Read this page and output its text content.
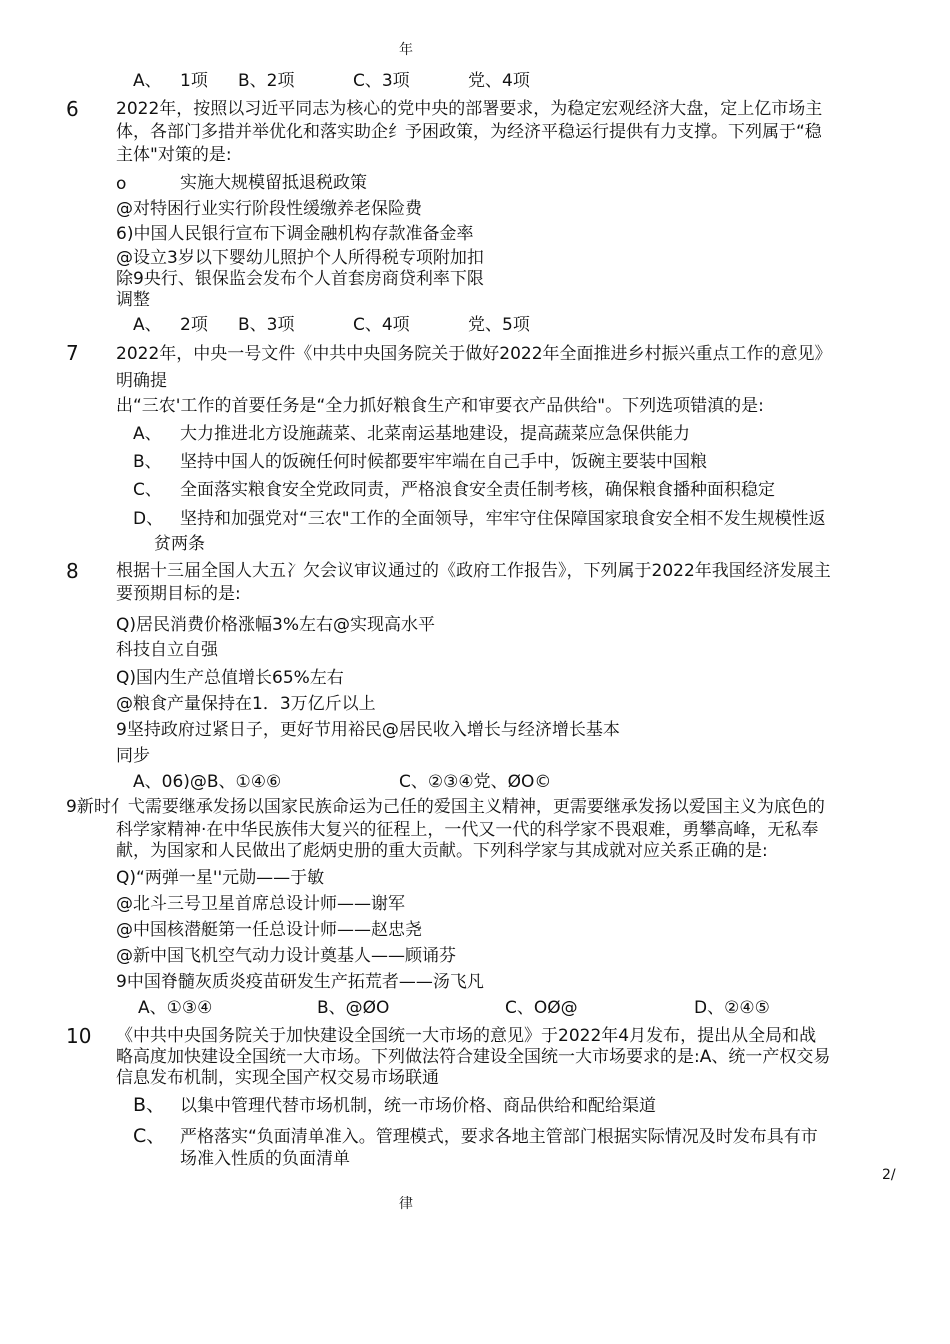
年
A、 1项 B、2项	C、3项	党、4项
6 2022年，按照以习近平同志为核心的党中央的部署要求，为稳定宏观经济大盘，定上亿市场主
体，各部门多措并举优化和落实助企纟予困政策，为经济平稳运行提供有力支撑。下列属于“稳
主体"对策的是:
o	实施大规模留抵退税政策
@对特困行业实行阶段性缓缴养老保险费
6)中国人民银行宣布下调金融机构存款准备金率
@设立3岁以下婴幼儿照护个人所得税专项附加扣
除9央行、银保监会发布个人首套房商贷利率下限
调整
A、 2项 B、3项	C、4项	党、5项
7 2022年，中央一号文件《中共中央国务院关于做好2022年全面推进乡村振兴重点工作的意见》
明确提
出“三农'工作的首要任务是“全力抓好粮食生产和审要衣产品供给"。下列选项错滇的是:
A、 大力推进北方设施蔬菜、北菜南运基地建设，提高蔬菜应急保供能力
B、 坚持中国人的饭碗任何时候都要牢牢端在自己手中，饭碗主要装中国粮
C、 全面落实粮食安全党政同责，严格浪食安全责任制考核，确保粮食播种面积稳定
D、 坚持和加强党对“三农"工作的全面领导，牢牢守住保障国家琅食安全相不发生规模性返
贫两条
8 根据十三届全国人大五冫欠会议审议通过的《政府工作报告》，下列属于2022年我国经济发展主
要预期目标的是:
Q)居民消费价格涨幅3%左右@实现高水平
科技自立自强
Q)国内生产总值增长65%左右
@粮食产量保持在1．3万亿斤以上
9坚持政府过紧日子，更好节用裕民@居民收入增长与经济增长基本
同步
A、06)@B、①④⑥	C、②③④党、ØO©
9新时亻弋需要继承发扬以国家民族命运为己任的爱国主义精神，更需要继承发扬以爱国主义为底色的
科学家精神·在中华民族伟大复兴的征程上，一代又一代的科学家不畏艰难，勇攀高峰，无私奉
献，为国家和人民做出了彪炳史册的重大贡献。下列科学家与其成就对应关系正确的是:
Q)“两弹一星''元勋——于敏
@北斗三号卫星首席总设计师——谢军
@中国核潜艇第一任总设计师——赵忠尧
@新中国飞机空气动力设计奠基人——顾诵芬
9中国脊髓灰质炎疫苗研发生产拓荒者——汤飞凡
A、①③④	B、@ØO	C、OØ@	D、②④⑤
10 《中共中央国务院关于加快建设全国统一大市场的意见》于2022年4月发布，提出从全局和战
略高度加快建设全国统一大市场。下列做法符合建设全国统一大市场要求的是:A、统一产权交易
信息发布机制，实现全国产权交易市场联通
B、 以集中管理代替市场机制，统一市场价格、商品供给和配给渠道
C、 严格落实“负面清单准入。管理模式，要求各地主管部门根据实际情况及时发布具有市
场准入性质的负面清单
2/
律
